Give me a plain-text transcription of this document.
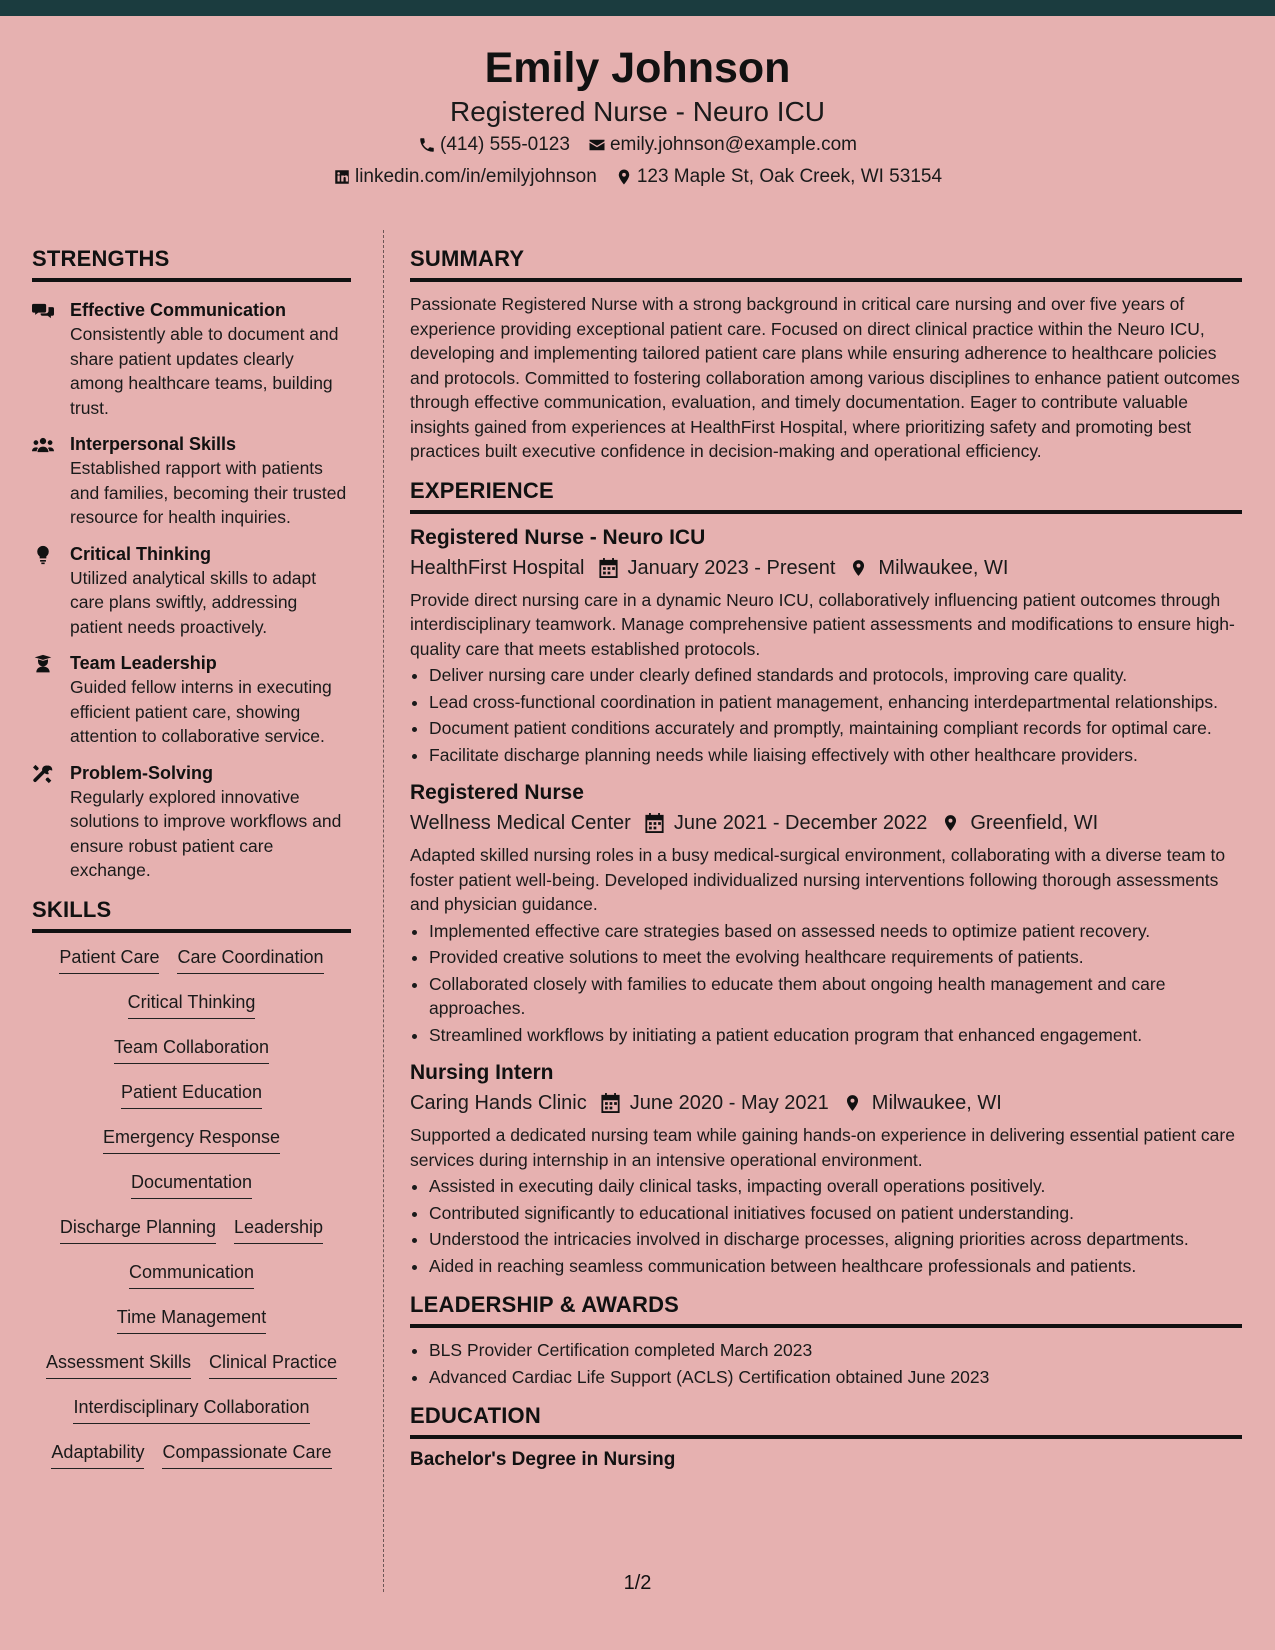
Emily Johnson
Registered Nurse - Neuro ICU
(414) 555-0123 emily.johnson@example.com
linkedin.com/in/emilyjohnson 123 Maple St, Oak Creek, WI 53154
STRENGTHS
Effective Communication
Consistently able to document and share patient updates clearly among healthcare teams, building trust.
Interpersonal Skills
Established rapport with patients and families, becoming their trusted resource for health inquiries.
Critical Thinking
Utilized analytical skills to adapt care plans swiftly, addressing patient needs proactively.
Team Leadership
Guided fellow interns in executing efficient patient care, showing attention to collaborative service.
Problem-Solving
Regularly explored innovative solutions to improve workflows and ensure robust patient care exchange.
SKILLS
Patient Care Care Coordination
Critical Thinking
Team Collaboration
Patient Education
Emergency Response
Documentation
Discharge Planning Leadership
Communication
Time Management
Assessment Skills Clinical Practice
Interdisciplinary Collaboration
Adaptability Compassionate Care
SUMMARY

Passionate Registered Nurse with a strong background in critical care nursing and over five years of experience providing exceptional patient care. Focused on direct clinical practice within the Neuro ICU, developing and implementing tailored patient care plans while ensuring adherence to healthcare policies and protocols. Committed to fostering collaboration among various disciplines to enhance patient outcomes through effective communication, evaluation, and timely documentation. Eager to contribute valuable insights gained from experiences at HealthFirst Hospital, where prioritizing safety and promoting best practices built executive confidence in decision-making and operational efficiency.

EXPERIENCE
Registered Nurse - Neuro ICU
HealthFirst Hospital January 2023 - Present Milwaukee, WI

Provide direct nursing care in a dynamic Neuro ICU, collaboratively influencing patient outcomes through interdisciplinary teamwork. Manage comprehensive patient assessments and modifications to ensure high-quality care that meets established protocols.

• Deliver nursing care under clearly defined standards and protocols, improving care quality.
• Lead cross-functional coordination in patient management, enhancing interdepartmental relationships.
• Document patient conditions accurately and promptly, maintaining compliant records for optimal care.
• Facilitate discharge planning needs while liaising effectively with other healthcare providers.
Registered Nurse
Wellness Medical Center June 2021 - December 2022 Greenfield, WI

Adapted skilled nursing roles in a busy medical-surgical environment, collaborating with a diverse team to foster patient well-being. Developed individualized nursing interventions following thorough assessments and physician guidance.

• Implemented effective care strategies based on assessed needs to optimize patient recovery.
• Provided creative solutions to meet the evolving healthcare requirements of patients.
• Collaborated closely with families to educate them about ongoing health management and care approaches.
• Streamlined workflows by initiating a patient education program that enhanced engagement.
Nursing Intern
Caring Hands Clinic June 2020 - May 2021 Milwaukee, WI

Supported a dedicated nursing team while gaining hands-on experience in delivering essential patient care services during internship in an intensive operational environment.

• Assisted in executing daily clinical tasks, impacting overall operations positively.
• Contributed significantly to educational initiatives focused on patient understanding.
• Understood the intricacies involved in discharge processes, aligning priorities across departments.
• Aided in reaching seamless communication between healthcare professionals and patients.
LEADERSHIP & AWARDS
• BLS Provider Certification completed March 2023
• Advanced Cardiac Life Support (ACLS) Certification obtained June 2023
EDUCATION
Bachelor's Degree in Nursing
1/2
